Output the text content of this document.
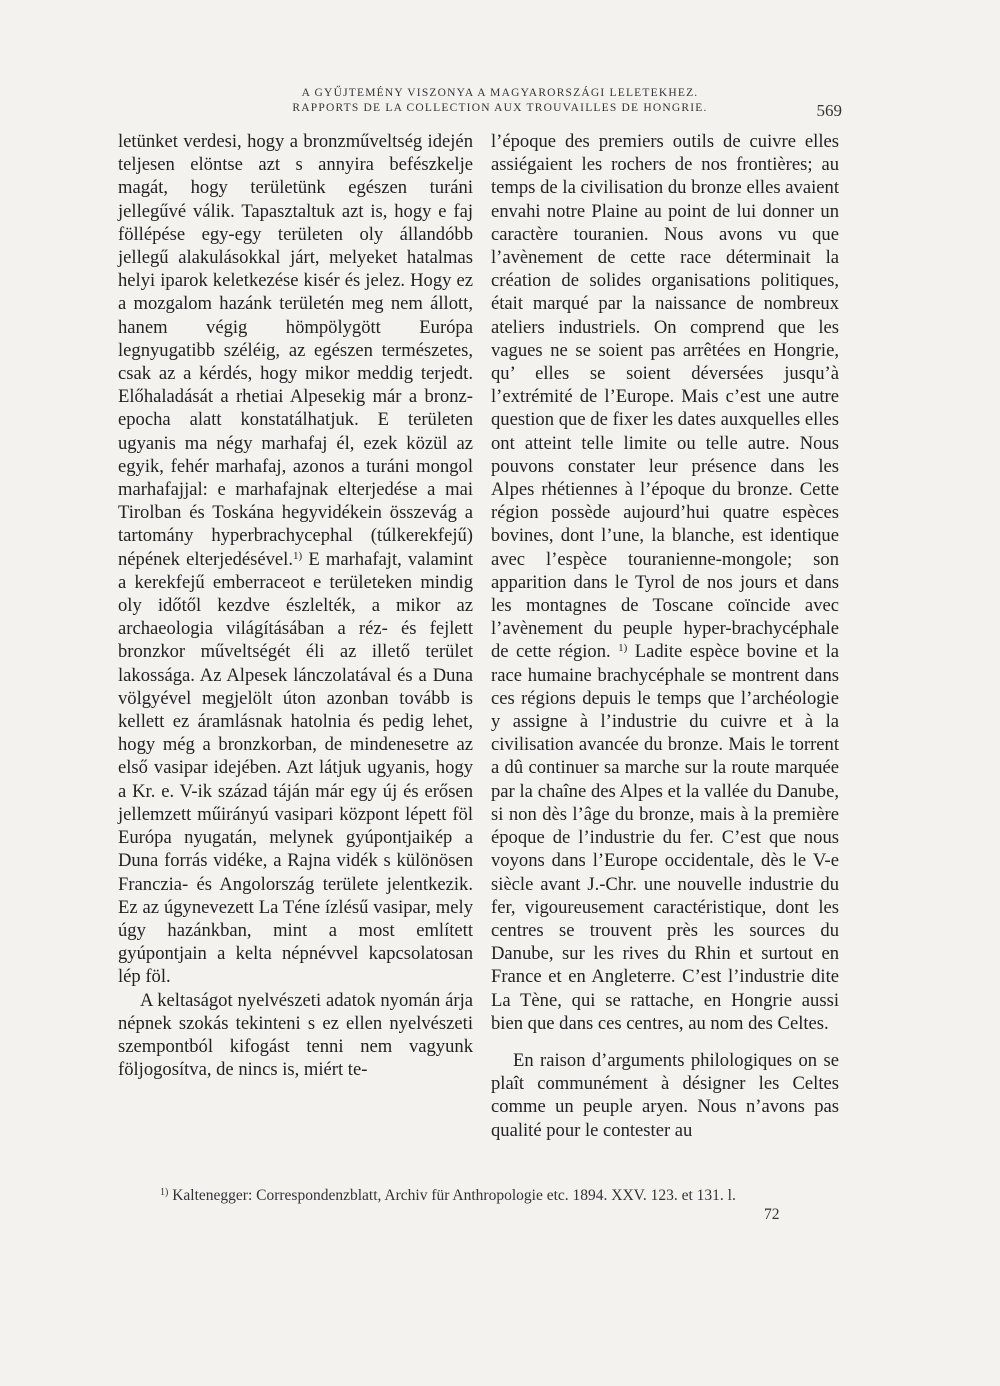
A GYŰJTEMÉNY VISZONYA A MAGYARORSZÁGI LELETEKHEZ.
RAPPORTS DE LA COLLECTION AUX TROUVAILLES DE HONGRIE.	569

letünket verdesi, hogy a bronzműveltség idején teljesen elöntse azt s annyira befészkelje magát, hogy területünk egészen turáni jellegűvé válik. Tapasztaltuk azt is, hogy e faj föllépése egy-egy területen oly állandóbb jellegű alakulásokkal járt, melyeket hatalmas helyi iparok keletkezése kisér és jelez. Hogy ez a mozgalom hazánk területén meg nem állott, hanem végig hömpölygött Európa legnyugatibb széléig, az egészen természetes, csak az a kérdés, hogy mikor meddig terjedt. Előhaladását a rhetiai Alpesekig már a bronz-epocha alatt konstatálhatjuk. E területen ugyanis ma négy marhafaj él, ezek közül az egyik, fehér marhafaj, azonos a turáni mongol marhafajjal: e marhafajnak elterjedése a mai Tirolban és Toskána hegyvidékein összevág a tartomány hyperbrachycephal (túlkerekfejű) népének elterjedésével.$^{1)}$ E marhafajt, valamint a kerekfejű emberraceot e területeken mindig oly időtől kezdve észlelték, a mikor az archaeologia világításában a réz- és fejlett bronzkor műveltségét éli az illető terület lakossága. Az Alpesek lánczolatával és a Duna völgyével megjelölt úton azonban tovább is kellett ez áramlásnak hatolnia és pedig lehet, hogy még a bronzkorban, de mindenesetre az első vasipar idejében. Azt látjuk ugyanis, hogy a Kr. e. V-ik század táján már egy új és erősen jellemzett műirányú vasipari központ lépett föl Európa nyugatán, melynek gyúpontjaikép a Duna forrás vidéke, a Rajna vidék s különösen Franczia- és Angolország területe jelentkezik. Ez az úgynevezett La Téne ízlésű vasipar, mely úgy hazánkban, mint a most említett gyúpontjain a kelta népnévvel kapcsolatosan lép föl.

A keltaságot nyelvészeti adatok nyomán árja népnek szokás tekinteni s ez ellen nyelvészeti szempontból kifogást tenni nem vagyunk följogosítva, de nincs is, miért te-

l’époque des premiers outils de cuivre elles assiégaient les rochers de nos frontières; au temps de la civilisation du bronze elles avaient envahi notre Plaine au point de lui donner un caractère touranien. Nous avons vu que l’avènement de cette race déterminait la création de solides organisations politiques, était marqué par la naissance de nombreux ateliers industriels. On comprend que les vagues ne se soient pas arrêtées en Hongrie, qu’ elles se soient déversées jusqu’à l’extrémité de l’Europe. Mais c’est une autre question que de fixer les dates auxquelles elles ont atteint telle limite ou telle autre. Nous pouvons constater leur présence dans les Alpes rhétiennes à l’époque du bronze. Cette région possède aujourd’hui quatre espèces bovines, dont l’une, la blanche, est identique avec l’espèce touranienne-mongole; son apparition dans le Tyrol de nos jours et dans les montagnes de Toscane coïncide avec l’avènement du peuple hyper-brachycéphale de cette région. $^{1)}$ Ladite espèce bovine et la race humaine brachycéphale se montrent dans ces régions depuis le temps que l’archéologie y assigne à l’industrie du cuivre et à la civilisation avancée du bronze. Mais le torrent a dû continuer sa marche sur la route marquée par la chaîne des Alpes et la vallée du Danube, si non dès l’âge du bronze, mais à la première époque de l’industrie du fer. C’est que nous voyons dans l’Europe occidentale, dès le V-e siècle avant J.-Chr. une nouvelle industrie du fer, vigoureusement caractéristique, dont les centres se trouvent près les sources du Danube, sur les rives du Rhin et surtout en France et en Angleterre. C’est l’industrie dite La Tène, qui se rattache, en Hongrie aussi bien que dans ces centres, au nom des Celtes.

En raison d’arguments philologiques on se plaît communément à désigner les Celtes comme un peuple aryen. Nous n’avons pas qualité pour le contester au

$^{1)}$ Kaltenegger: Correspondenzblatt, Archiv für Anthropologie etc. 1894. XXV. 123. et 131. l.
72
